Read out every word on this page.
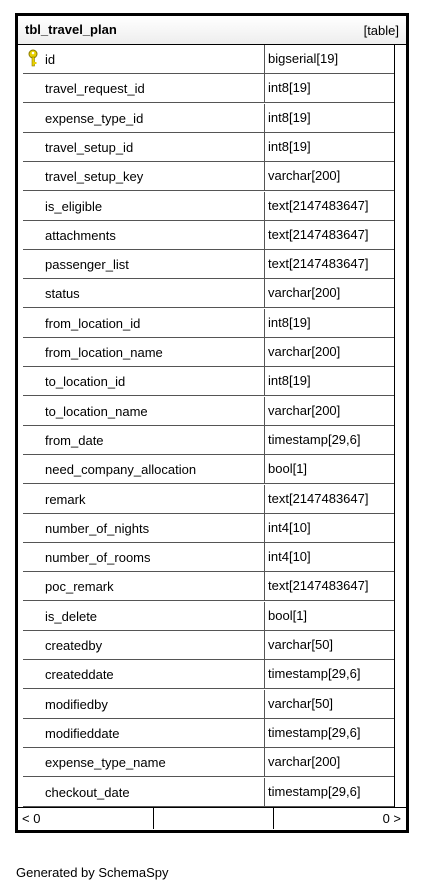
tbl_travel_plan	[table]
id	bigserial[19]
travel_request_id	int8[19]
expense_type_id	int8[19]
travel_setup_id	int8[19]
travel_setup_key	varchar[200]
is_eligible	text[2147483647]
attachments	text[2147483647]
passenger_list	text[2147483647]
status	varchar[200]
from_location_id	int8[19]
from_location_name	varchar[200]
to_location_id	int8[19]
to_location_name	varchar[200]
from_date	timestamp[29,6]
need_company_allocation	bool[1]
remark	text[2147483647]
number_of_nights	int4[10]
number_of_rooms	int4[10]
poc_remark	text[2147483647]
is_delete	bool[1]
createdby	varchar[50]
createddate	timestamp[29,6]
modifiedby	varchar[50]
modifieddate	timestamp[29,6]
expense_type_name	varchar[200]
checkout_date	timestamp[29,6]
< 0	0 >
Generated by SchemaSpy
